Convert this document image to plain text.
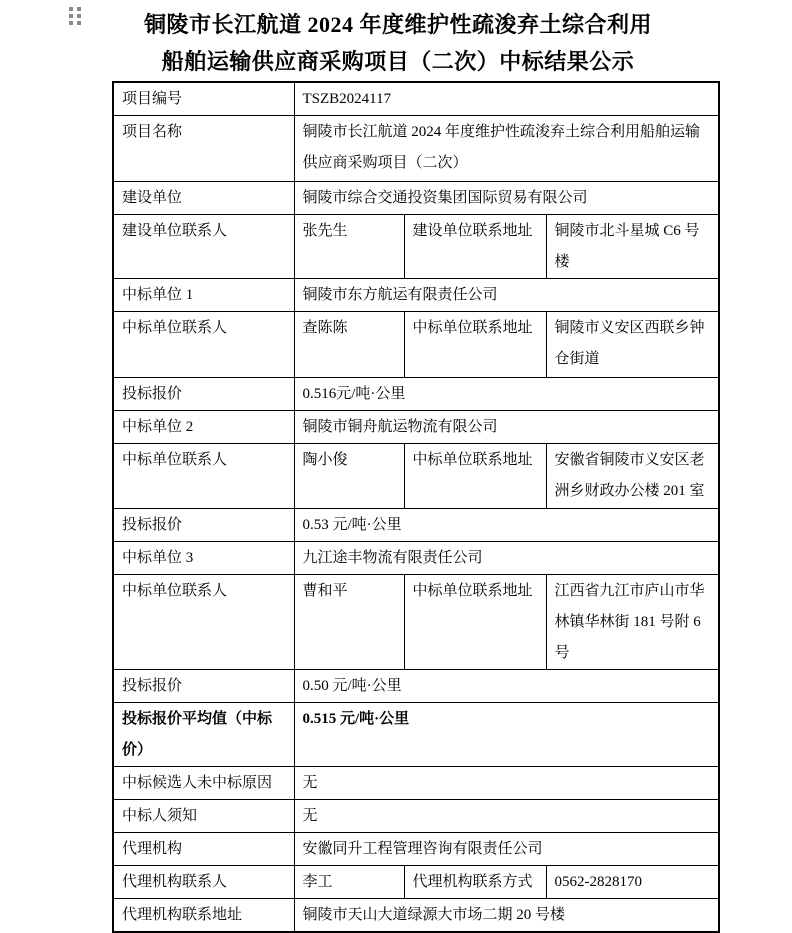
铜陵市长江航道 2024 年度维护性疏浚弃土综合利用
船舶运输供应商采购项目（二次）中标结果公示
项目编号	TSZB2024117		
项目名称	铜陵市长江航道 2024 年度维护性疏浚弃土综合利用船舶运输供应商采购项目（二次）		
建设单位	铜陵市综合交通投资集团国际贸易有限公司		
建设单位联系人	张先生	建设单位联系地址	铜陵市北斗星城 C6 号楼
中标单位 1	铜陵市东方航运有限责任公司		
中标单位联系人	查陈陈	中标单位联系地址	铜陵市义安区西联乡钟仓街道
投标报价	0.516元/吨·公里		
中标单位 2	铜陵市铜舟航运物流有限公司		
中标单位联系人	陶小俊	中标单位联系地址	安徽省铜陵市义安区老洲乡财政办公楼 201 室
投标报价	0.53 元/吨·公里		
中标单位 3	九江途丰物流有限责任公司		
中标单位联系人	曹和平	中标单位联系地址	江西省九江市庐山市华林镇华林街 181 号附 6 号
投标报价	0.50 元/吨·公里		
投标报价平均值（中标价）	0.515 元/吨·公里		
中标候选人未中标原因	无		
中标人须知	无		
代理机构	安徽同升工程管理咨询有限责任公司		
代理机构联系人	李工	代理机构联系方式	0562-2828170
代理机构联系地址	铜陵市天山大道绿源大市场二期 20 号楼		
